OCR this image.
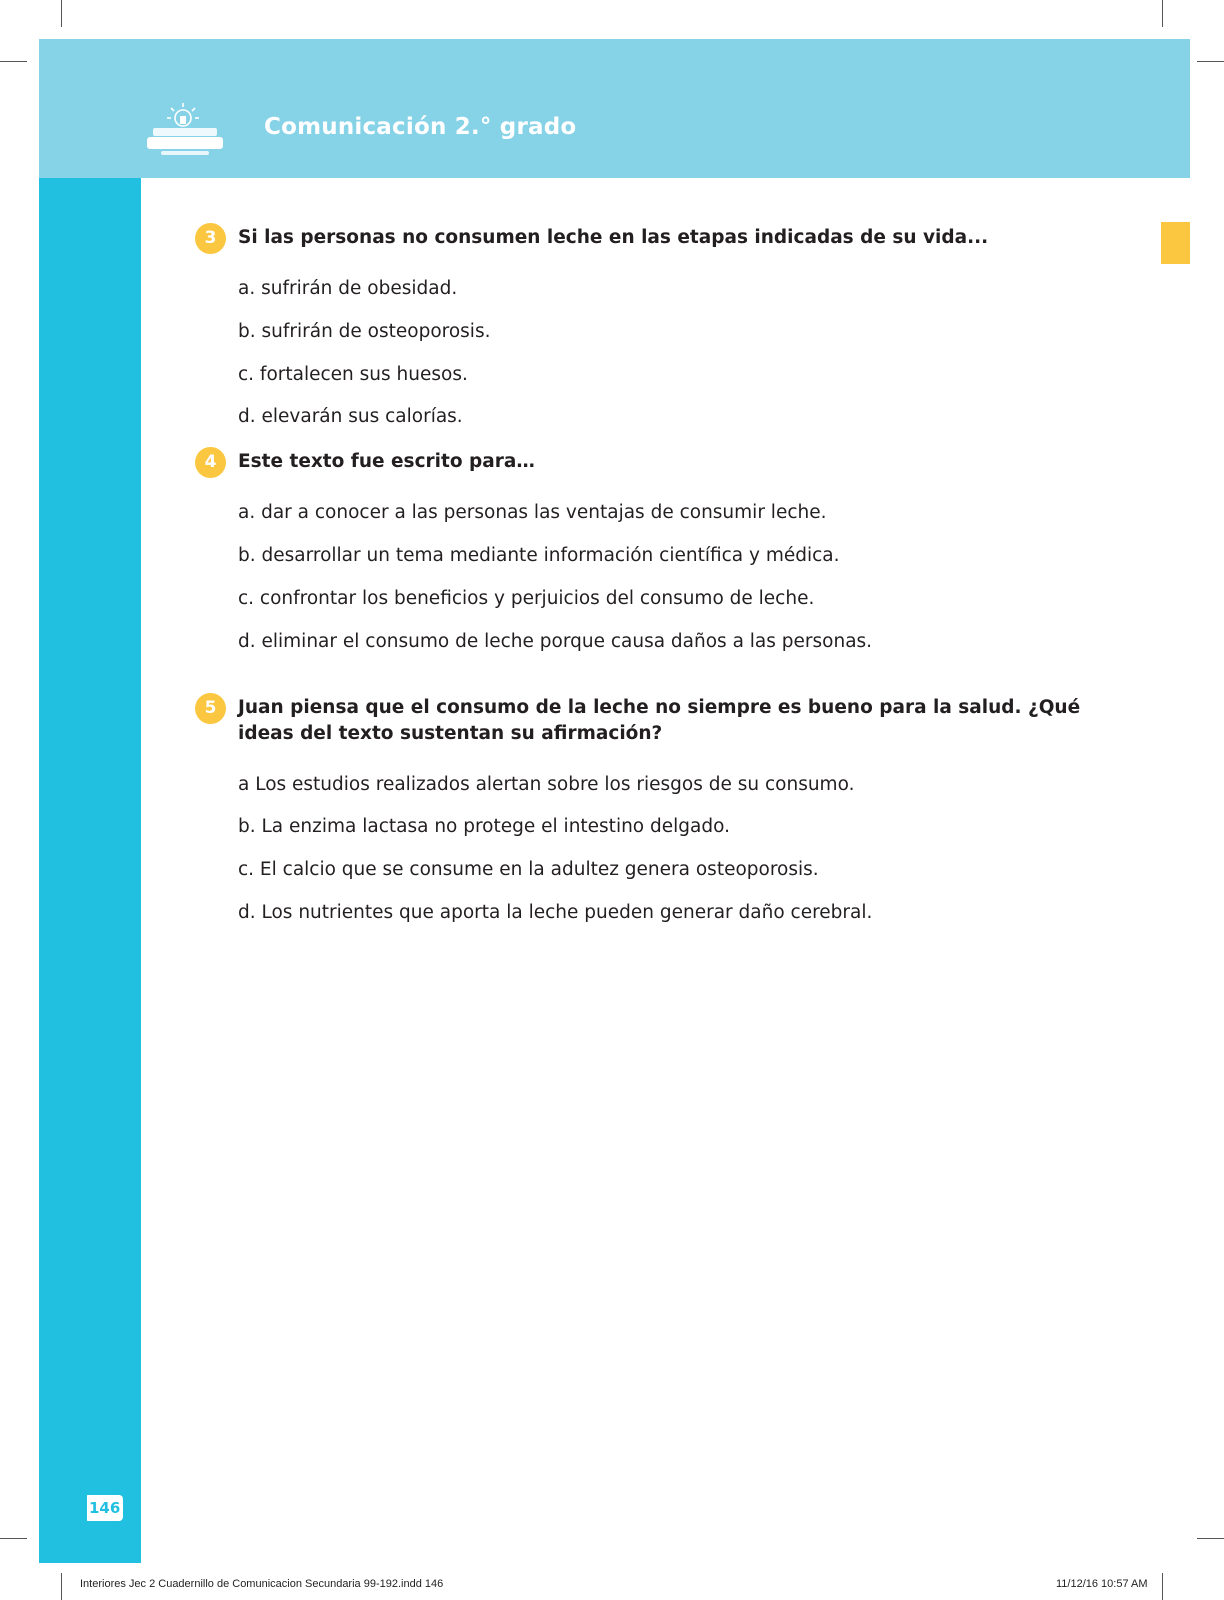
Comunicación 2.° grado
146
3	Si las personas no consumen leche en las etapas indicadas de su vida...
a. sufrirán de obesidad.
b. sufrirán de osteoporosis.
c. fortalecen sus huesos.
d. elevarán sus calorías.
4	Este texto fue escrito para…
a. dar a conocer a las personas las ventajas de consumir leche.
b. desarrollar un tema mediante información científica y médica.
c. confrontar los beneficios y perjuicios del consumo de leche.
d. eliminar el consumo de leche porque causa daños a las personas.
5	Juan piensa que el consumo de la leche no siempre es bueno para la salud. ¿Qué ideas del texto sustentan su afirmación?
a Los estudios realizados alertan sobre los riesgos de su consumo.
b. La enzima lactasa no protege el intestino delgado.
c. El calcio que se consume en la adultez genera osteoporosis.
d. Los nutrientes que aporta la leche pueden generar daño cerebral.
Interiores Jec 2 Cuadernillo de Comunicacion Secundaria 99-192.indd 146	11/12/16 10:57 AM
